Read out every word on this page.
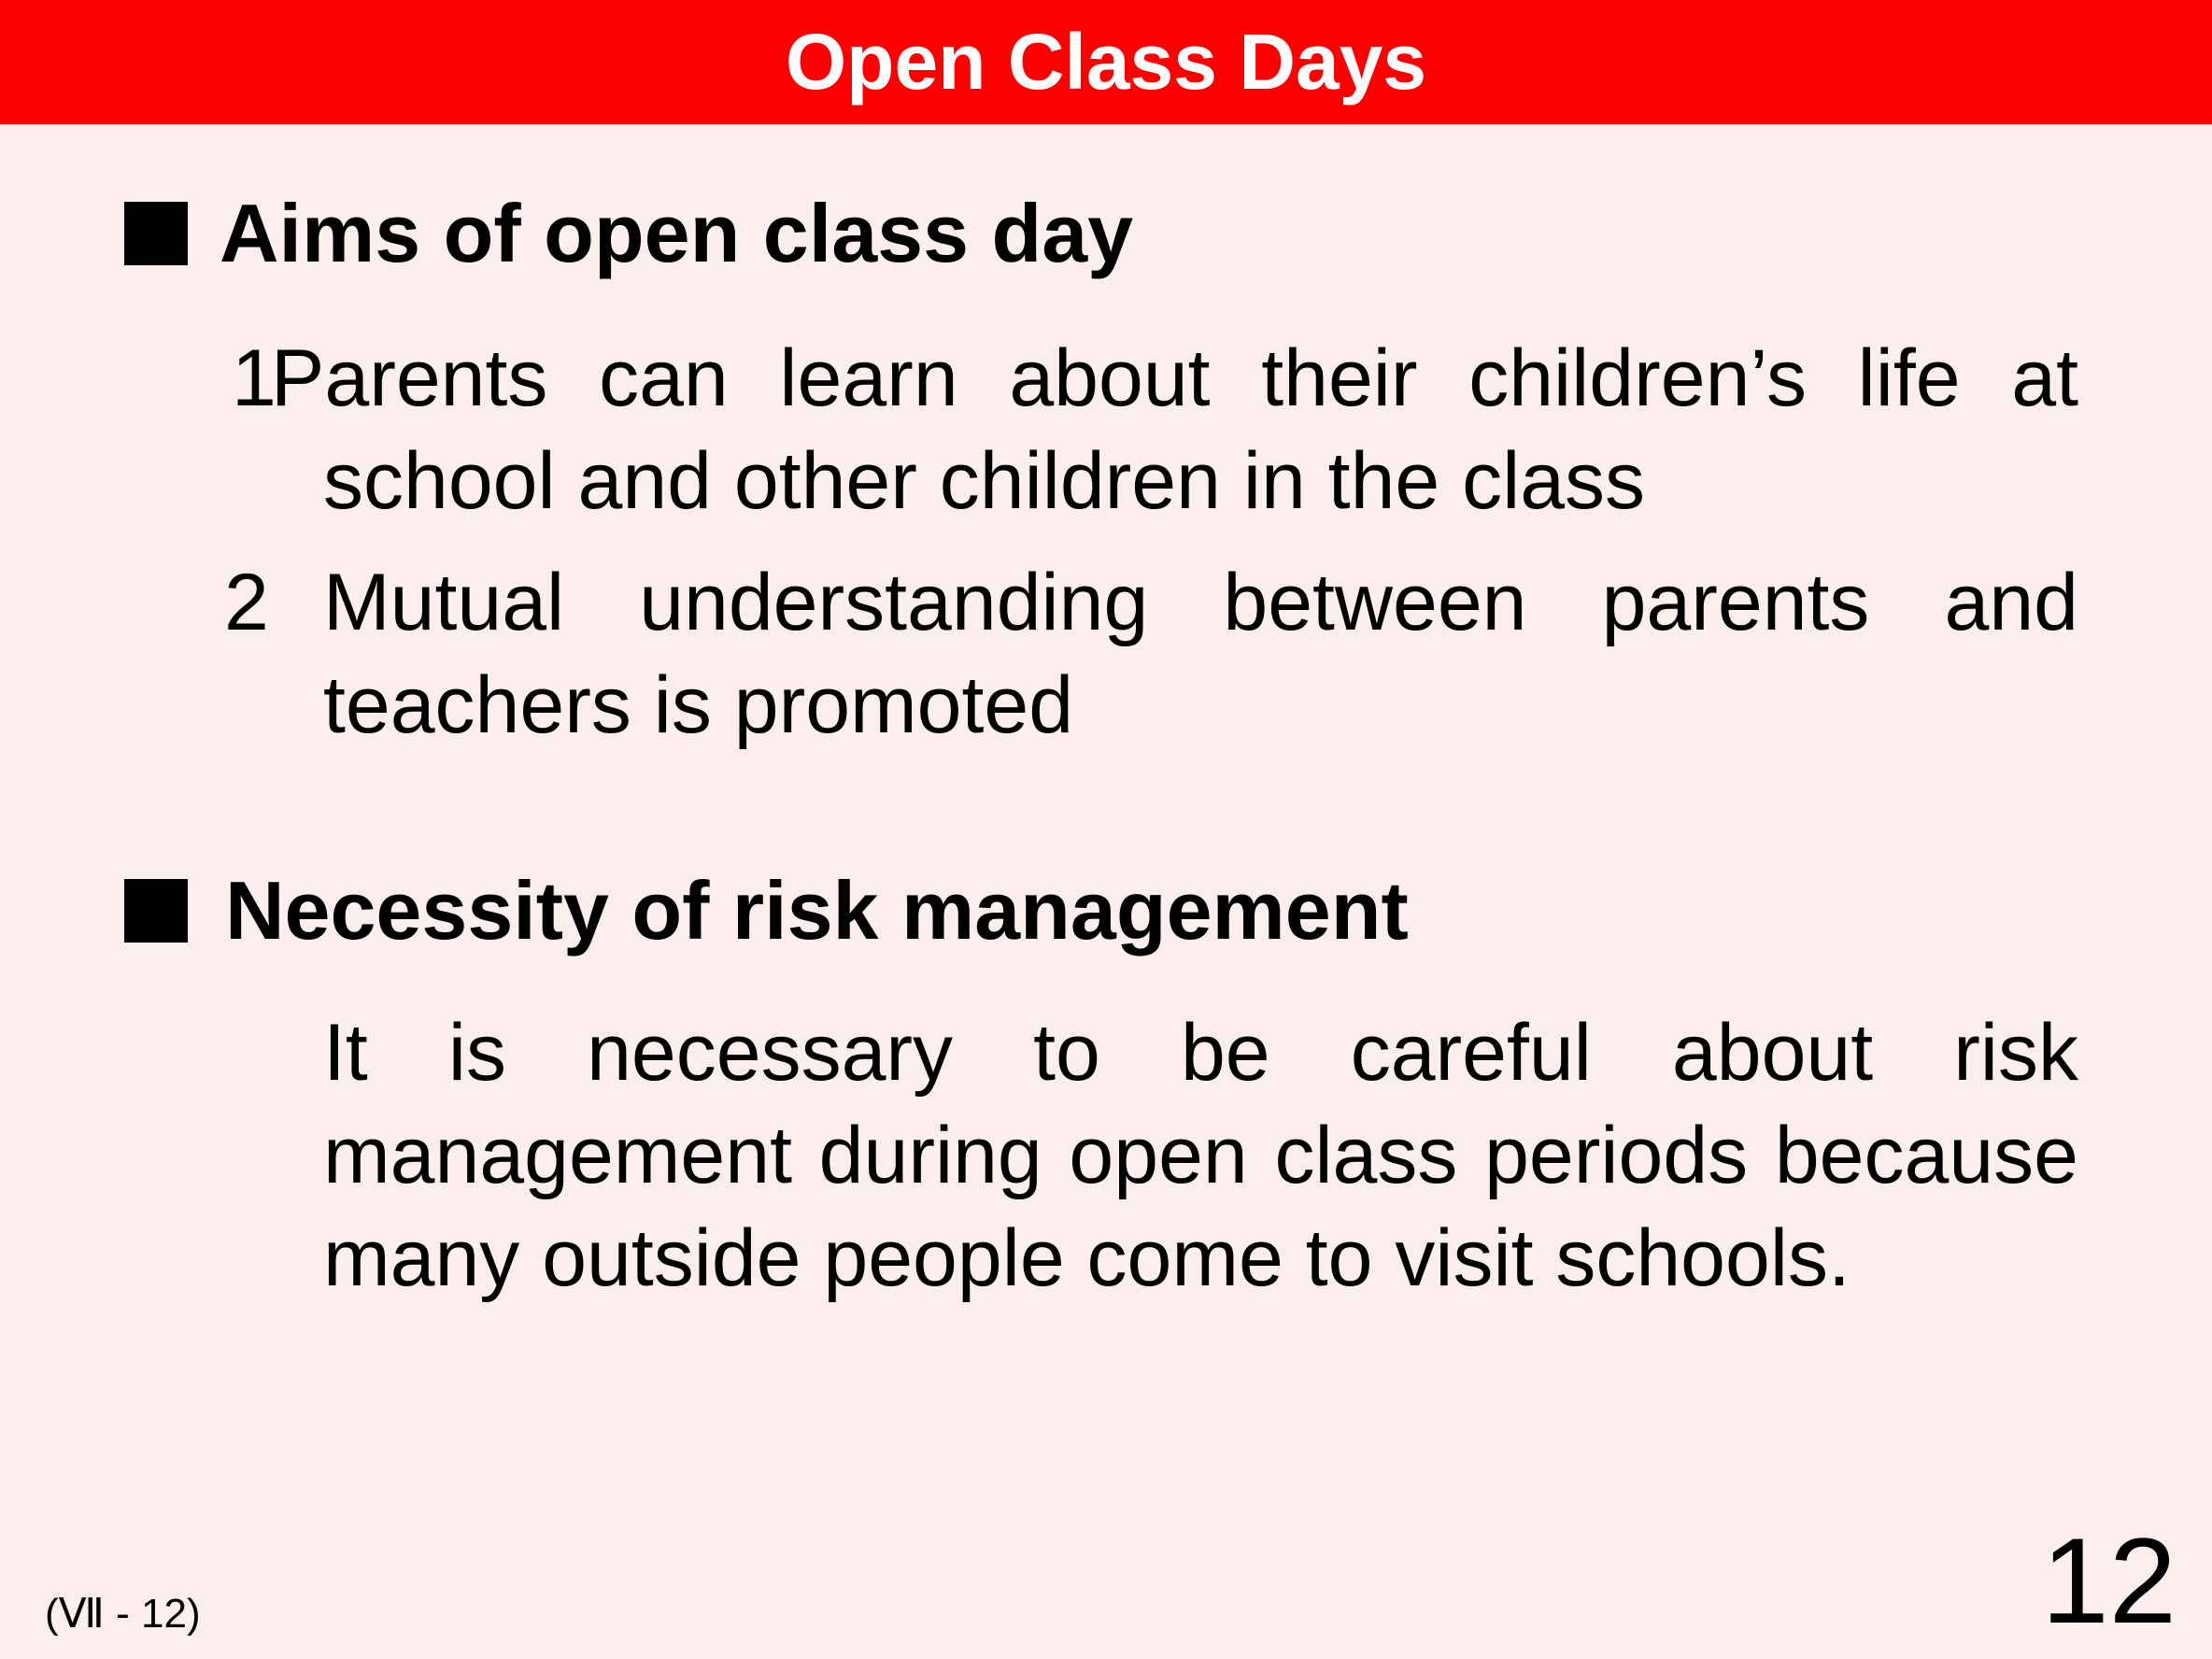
Open Class Days
Aims of open class day
1
Parents can learn about their children’s life at school and other children in the class
2 Mutual understanding between parents and teachers is promoted
Necessity of risk management
It is necessary to be careful about risk management during open class periods because many outside people come to visit schools.
(Ⅶ - 12)	12
